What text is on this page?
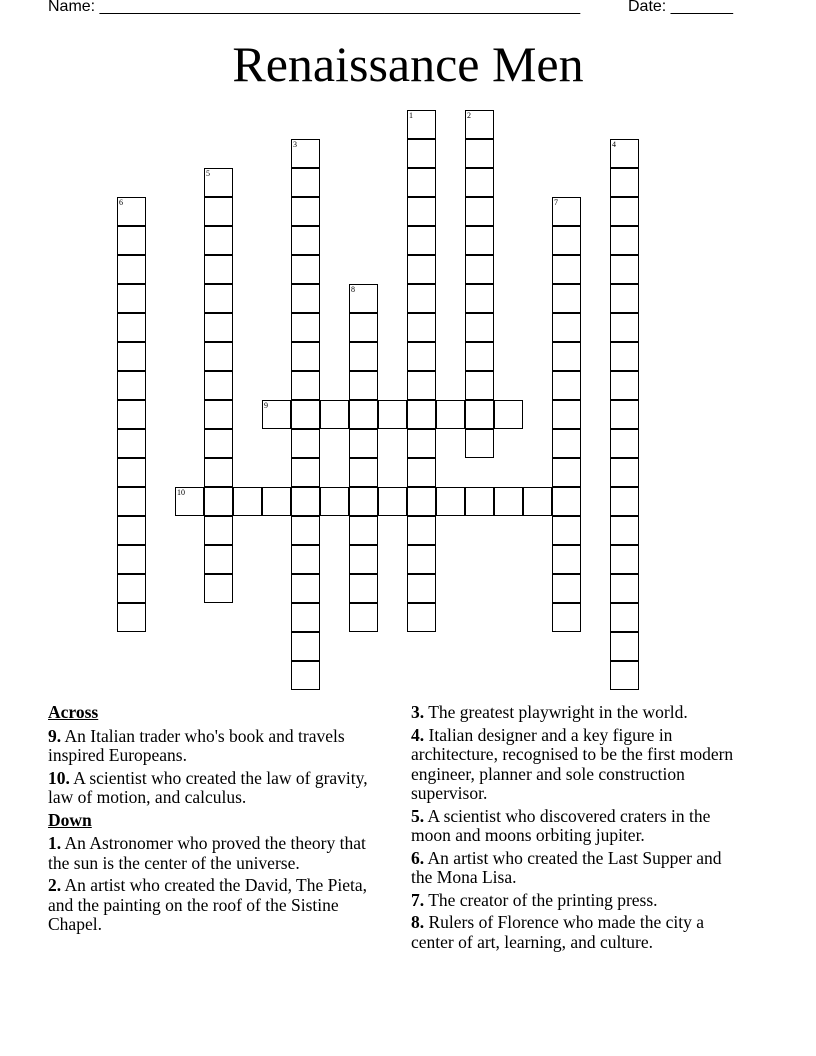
Name: ______________________________________________________	Date: _______
Renaissance Men
1	2
3	4
5
6	7
8
9
10
Across
9. An Italian trader who's book and travels inspired Europeans.
10. A scientist who created the law of gravity, law of motion, and calculus.
Down
1. An Astronomer who proved the theory that the sun is the center of the universe.
2. An artist who created the David, The Pieta, and the painting on the roof of the Sistine Chapel.
3. The greatest playwright in the world.
4. Italian designer and a key figure in architecture, recognised to be the first modern engineer, planner and sole construction supervisor.
5. A scientist who discovered craters in the moon and moons orbiting jupiter.
6. An artist who created the Last Supper and the Mona Lisa.
7. The creator of the printing press.
8. Rulers of Florence who made the city a center of art, learning, and culture.
